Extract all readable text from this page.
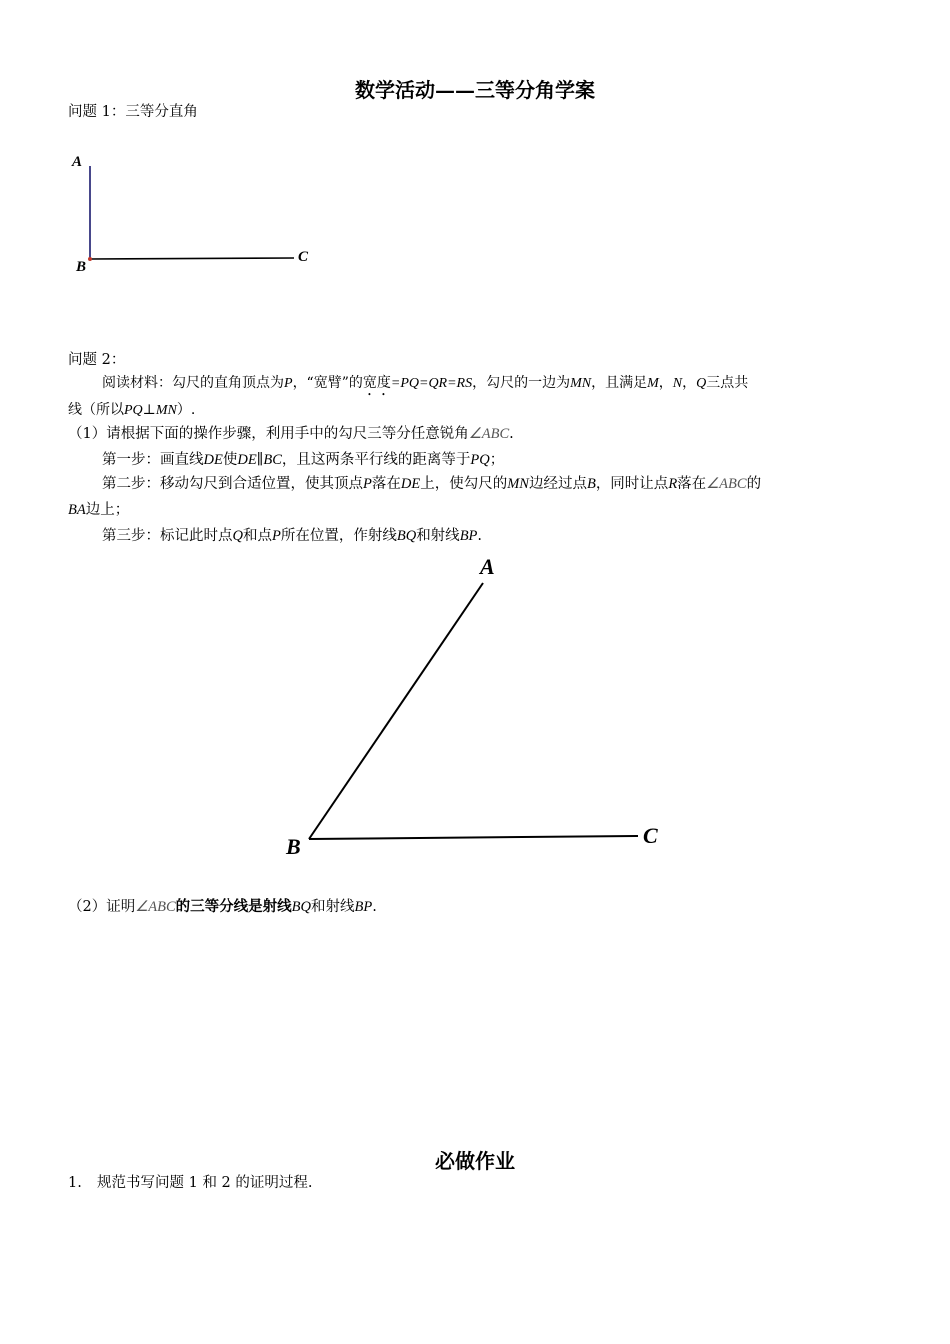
数学活动——三等分角学案
问题 1：三等分直角
A
B
C
问题 2：
阅读材料：勾尺的直角顶点为P，“宽臂”的宽度=PQ=QR=RS，勾尺的一边为MN，且满足M，N，Q三点共
线（所以PQ⊥MN）.
（1）请根据下面的操作步骤，利用手中的勾尺三等分任意锐角∠ABC.
第一步：画直线DE使DE∥BC，且这两条平行线的距离等于PQ；
第二步：移动勾尺到合适位置，使其顶点P落在DE上，使勾尺的MN边经过点B，同时让点R落在∠ABC的
BA边上；
第三步：标记此时点Q和点P所在位置，作射线BQ和射线BP.
A
B	C
（2）证明∠ABC的三等分线是射线BQ和射线BP.
必做作业
1. 规范书写问题 1 和 2 的证明过程.
